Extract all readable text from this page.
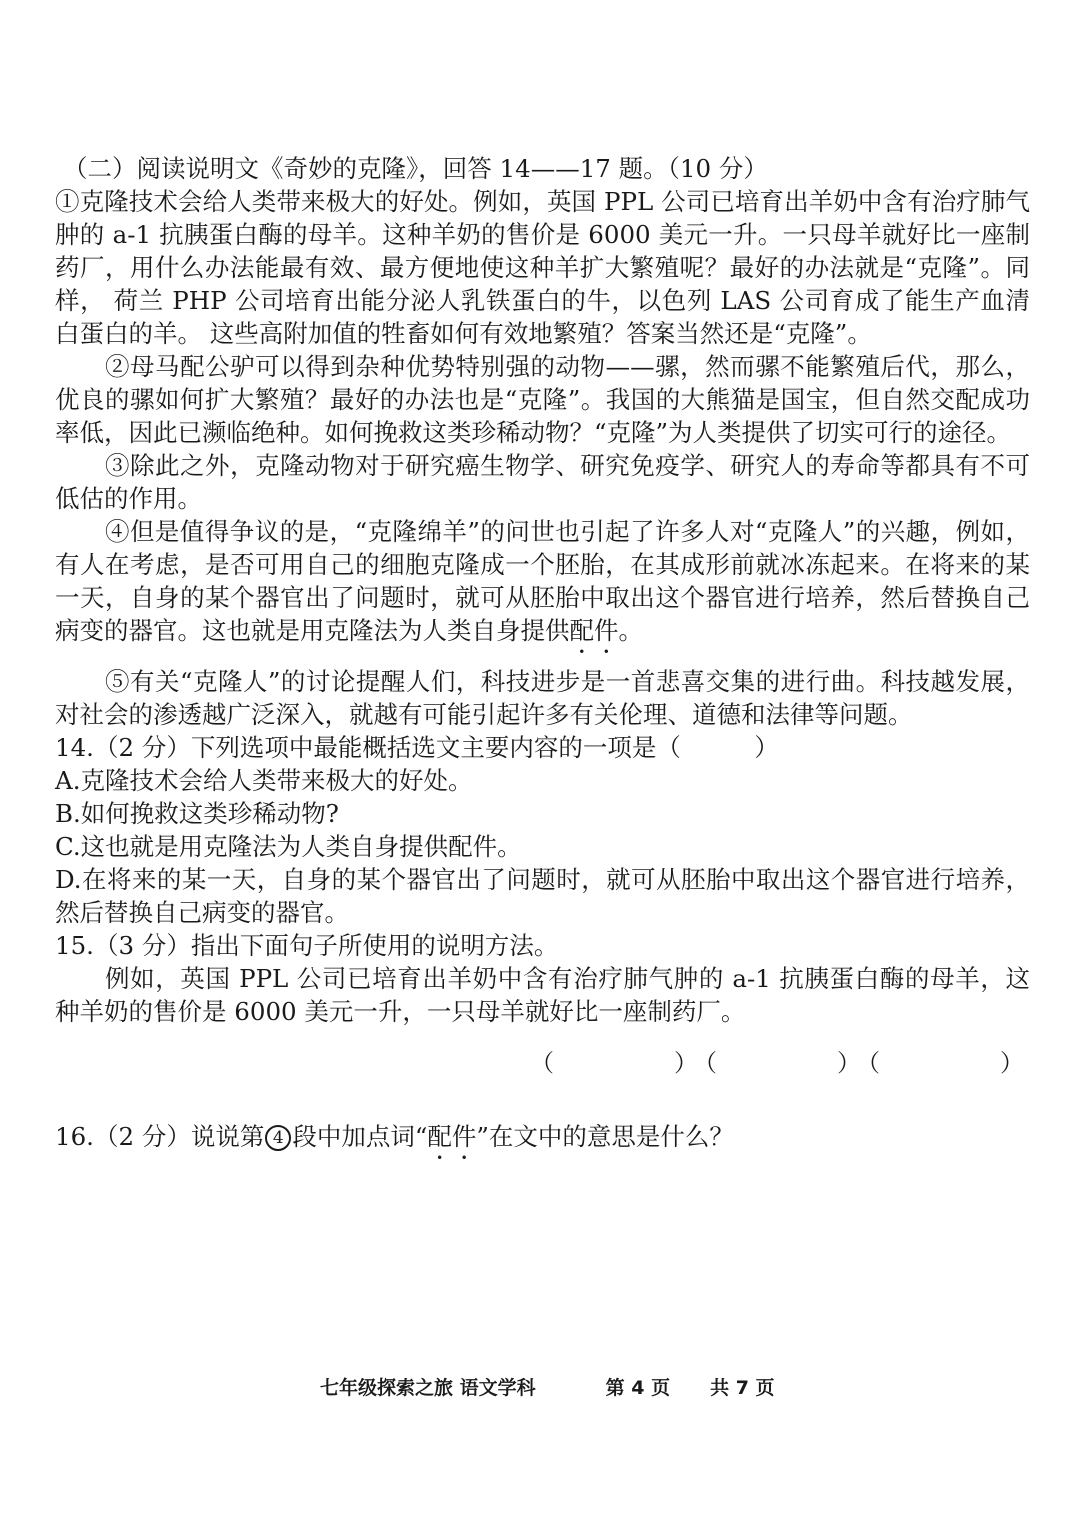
（二）阅读说明文《奇妙的克隆》，回答 14——17 题。（10 分）

①克隆技术会给人类带来极大的好处。例如，英国 PPL 公司已培育出羊奶中含有治疗肺气肿的 a-1 抗胰蛋白酶的母羊。这种羊奶的售价是 6000 美元一升。一只母羊就好比一座制药厂，用什么办法能最有效、最方便地使这种羊扩大繁殖呢？最好的办法就是“克隆”。同样， 荷兰 PHP 公司培育出能分泌人乳铁蛋白的牛，以色列 LAS 公司育成了能生产血清白蛋白的羊。 这些高附加值的牲畜如何有效地繁殖？答案当然还是“克隆”。

②母马配公驴可以得到杂种优势特别强的动物——骡，然而骡不能繁殖后代，那么，优良的骡如何扩大繁殖？最好的办法也是“克隆”。我国的大熊猫是国宝，但自然交配成功率低，因此已濒临绝种。如何挽救这类珍稀动物？“克隆”为人类提供了切实可行的途径。

③除此之外，克隆动物对于研究癌生物学、研究免疫学、研究人的寿命等都具有不可低估的作用。

④但是值得争议的是，“克隆绵羊”的问世也引起了许多人对“克隆人”的兴趣，例如，有人在考虑，是否可用自己的细胞克隆成一个胚胎，在其成形前就冰冻起来。在将来的某一天，自身的某个器官出了问题时，就可从胚胎中取出这个器官进行培养，然后替换自己病变的器官。这也就是用克隆法为人类自身提供配件。

⑤有关“克隆人”的讨论提醒人们，科技进步是一首悲喜交集的进行曲。科技越发展，对社会的渗透越广泛深入，就越有可能引起许多有关伦理、道德和法律等问题。

14.（2 分）下列选项中最能概括选文主要内容的一项是（　　　）

A.克隆技术会给人类带来极大的好处。

B.如何挽救这类珍稀动物?

C.这也就是用克隆法为人类自身提供配件。

D.在将来的某一天，自身的某个器官出了问题时，就可从胚胎中取出这个器官进行培养，然后替换自己病变的器官。

15.（3 分）指出下面句子所使用的说明方法。

例如，英国 PPL 公司已培育出羊奶中含有治疗肺气肿的 a-1 抗胰蛋白酶的母羊，这种羊奶的售价是 6000 美元一升，一只母羊就好比一座制药厂。

（　　　　　）
（　　　　　）
（　　　　　）
16.（2 分）说说第 4 段中加点词“配件”在文中的意思是什么？
七年级探索之旅 语文学科	第 4 页 共 7 页
